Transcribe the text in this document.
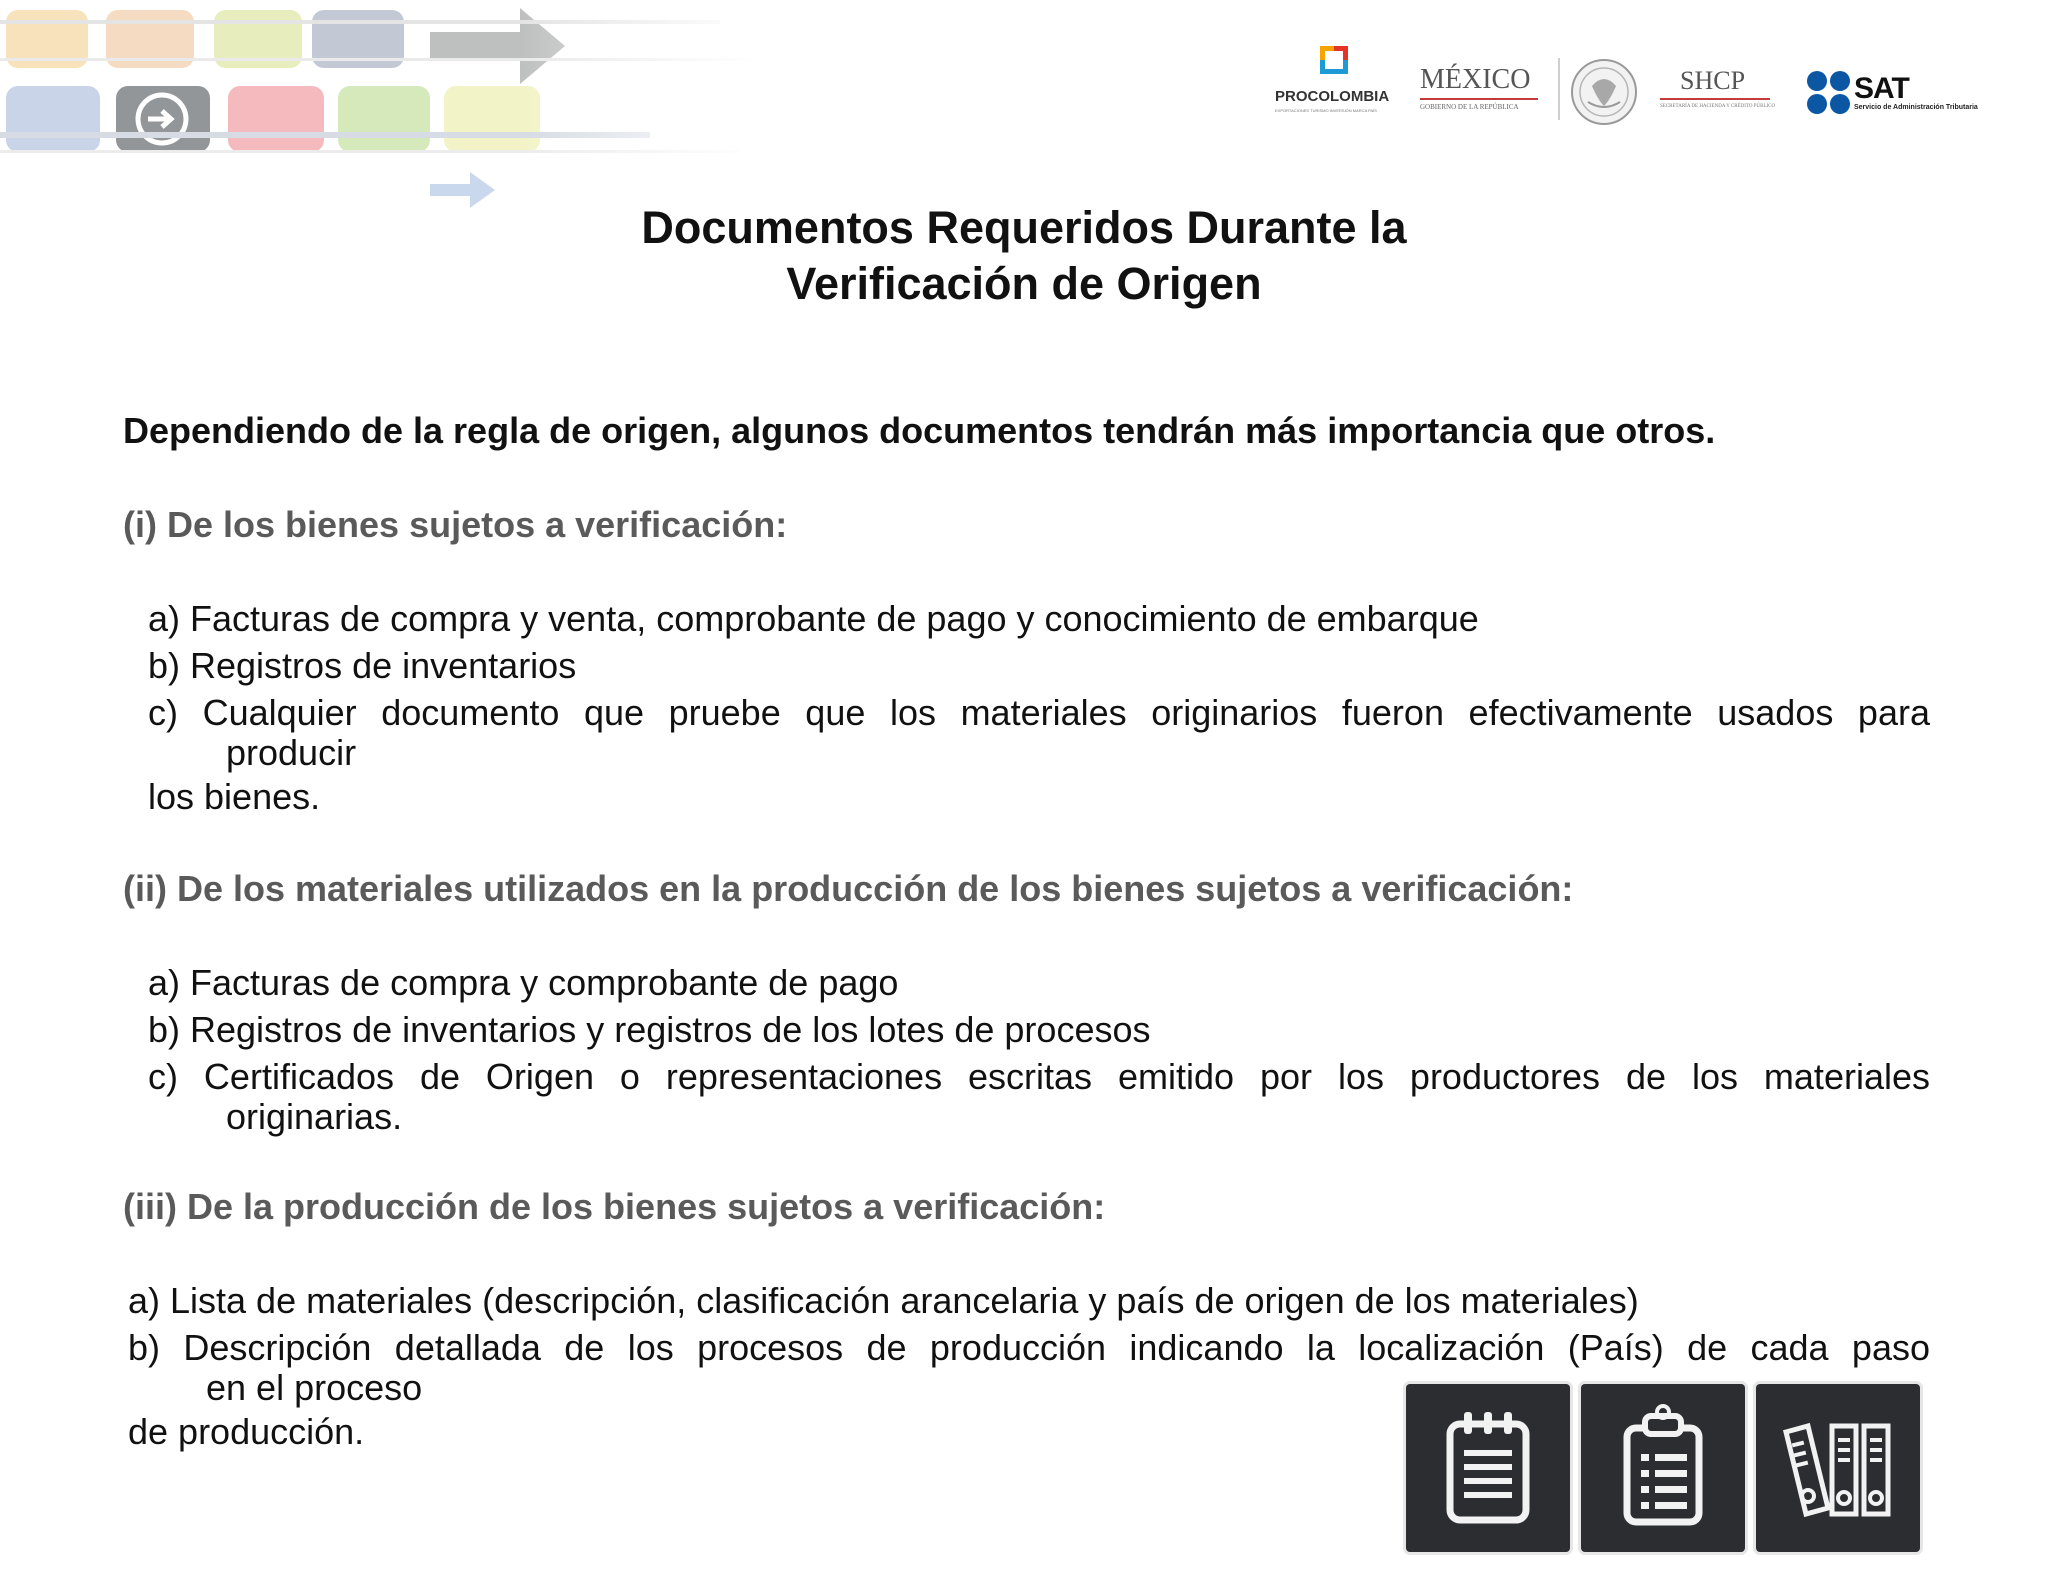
PROCOLOMBIA
EXPORTACIONES TURISMO INVERSIÓN MARCA PAÍS
MÉXICO
GOBIERNO DE LA REPÚBLICA
SHCP
SECRETARÍA DE HACIENDA Y CRÉDITO PÚBLICO
SAT
Servicio de Administración Tributaria
Documentos Requeridos Durante la
Verificación de Origen
Dependiendo de la regla de origen, algunos documentos tendrán más importancia que otros.
(i) De los bienes sujetos a verificación:
a) Facturas de compra y venta, comprobante de pago y conocimiento de embarque
b) Registros de inventarios
c) Cualquier documento que pruebe que los materiales originarios fueron efectivamente usados para
producir
los bienes.
(ii) De los materiales utilizados en la producción de los bienes sujetos a verificación:
a) Facturas de compra y comprobante de pago
b) Registros de inventarios y registros de los lotes de procesos
c) Certificados de Origen o representaciones escritas emitido por los productores de los materiales
originarias.
(iii) De la producción de los bienes sujetos a verificación:
a) Lista de materiales (descripción, clasificación arancelaria y país de origen de los materiales)
b) Descripción detallada de los procesos de producción indicando la localización (País) de cada paso
en el proceso
de producción.
